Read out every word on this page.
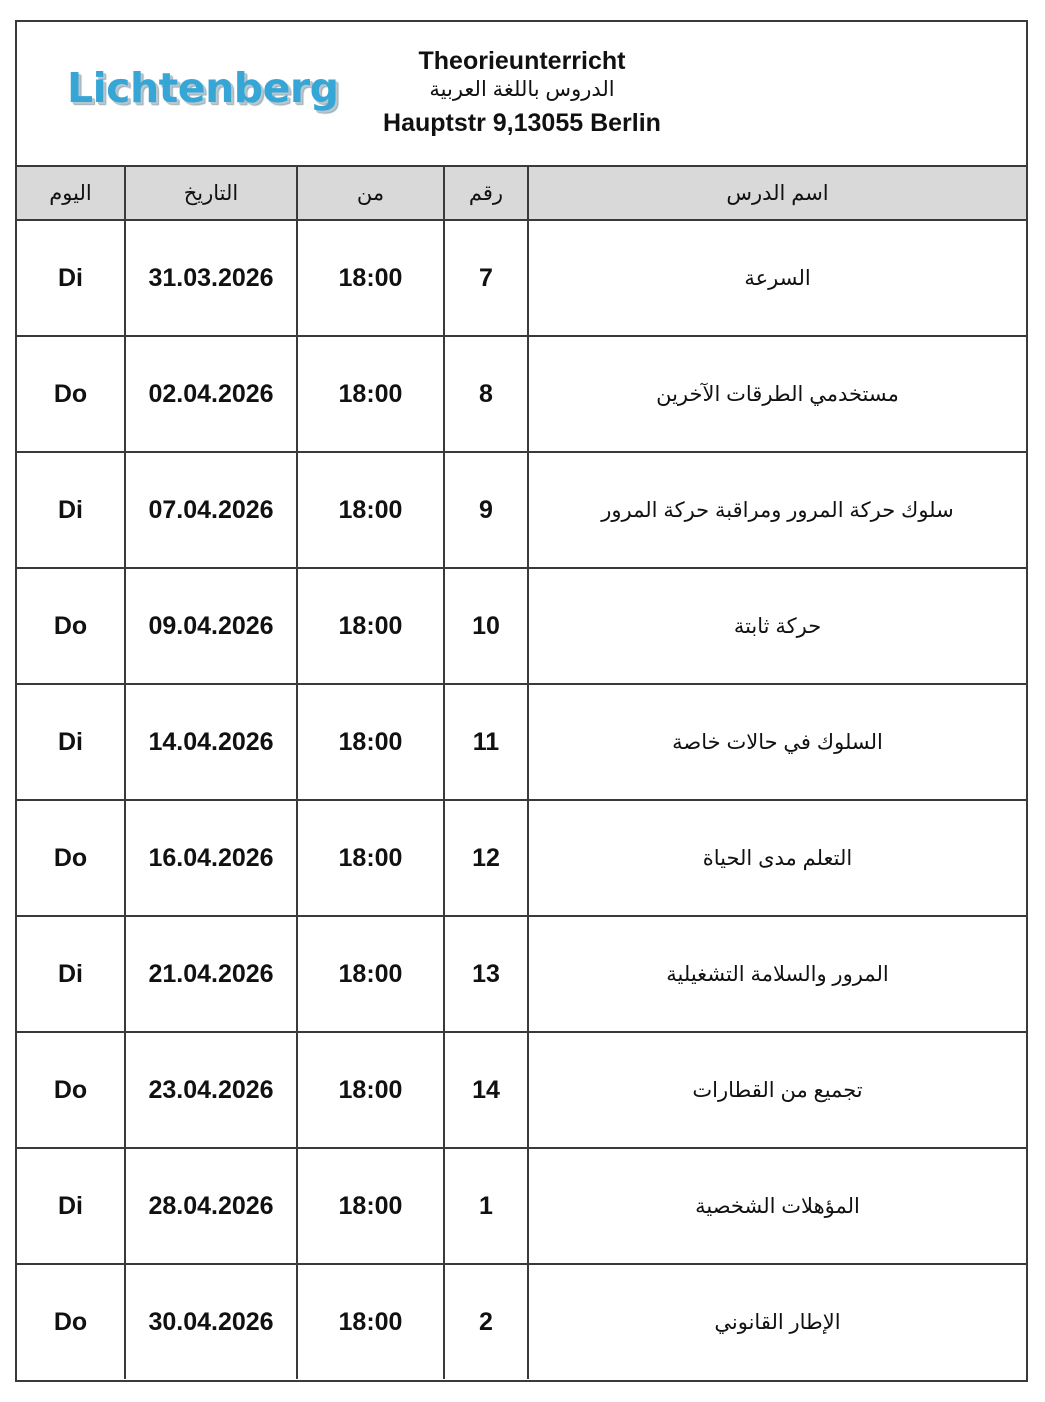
Lichtenberg
Theorieunterricht
الدروس باللغة العربية
Hauptstr 9,13055 Berlin
اليوم	التاريخ	من	رقم	اسم الدرس
Di	31.03.2026	18:00	7	السرعة
Do	02.04.2026	18:00	8	مستخدمي الطرقات الآخرين
Di	07.04.2026	18:00	9	سلوك حركة المرور ومراقبة حركة المرور
Do	09.04.2026	18:00	10	حركة ثابتة
Di	14.04.2026	18:00	11	السلوك في حالات خاصة
Do	16.04.2026	18:00	12	التعلم مدى الحياة
Di	21.04.2026	18:00	13	المرور والسلامة التشغيلية
Do	23.04.2026	18:00	14	تجميع من القطارات
Di	28.04.2026	18:00	1	المؤهلات الشخصية
Do	30.04.2026	18:00	2	الإطار القانوني
